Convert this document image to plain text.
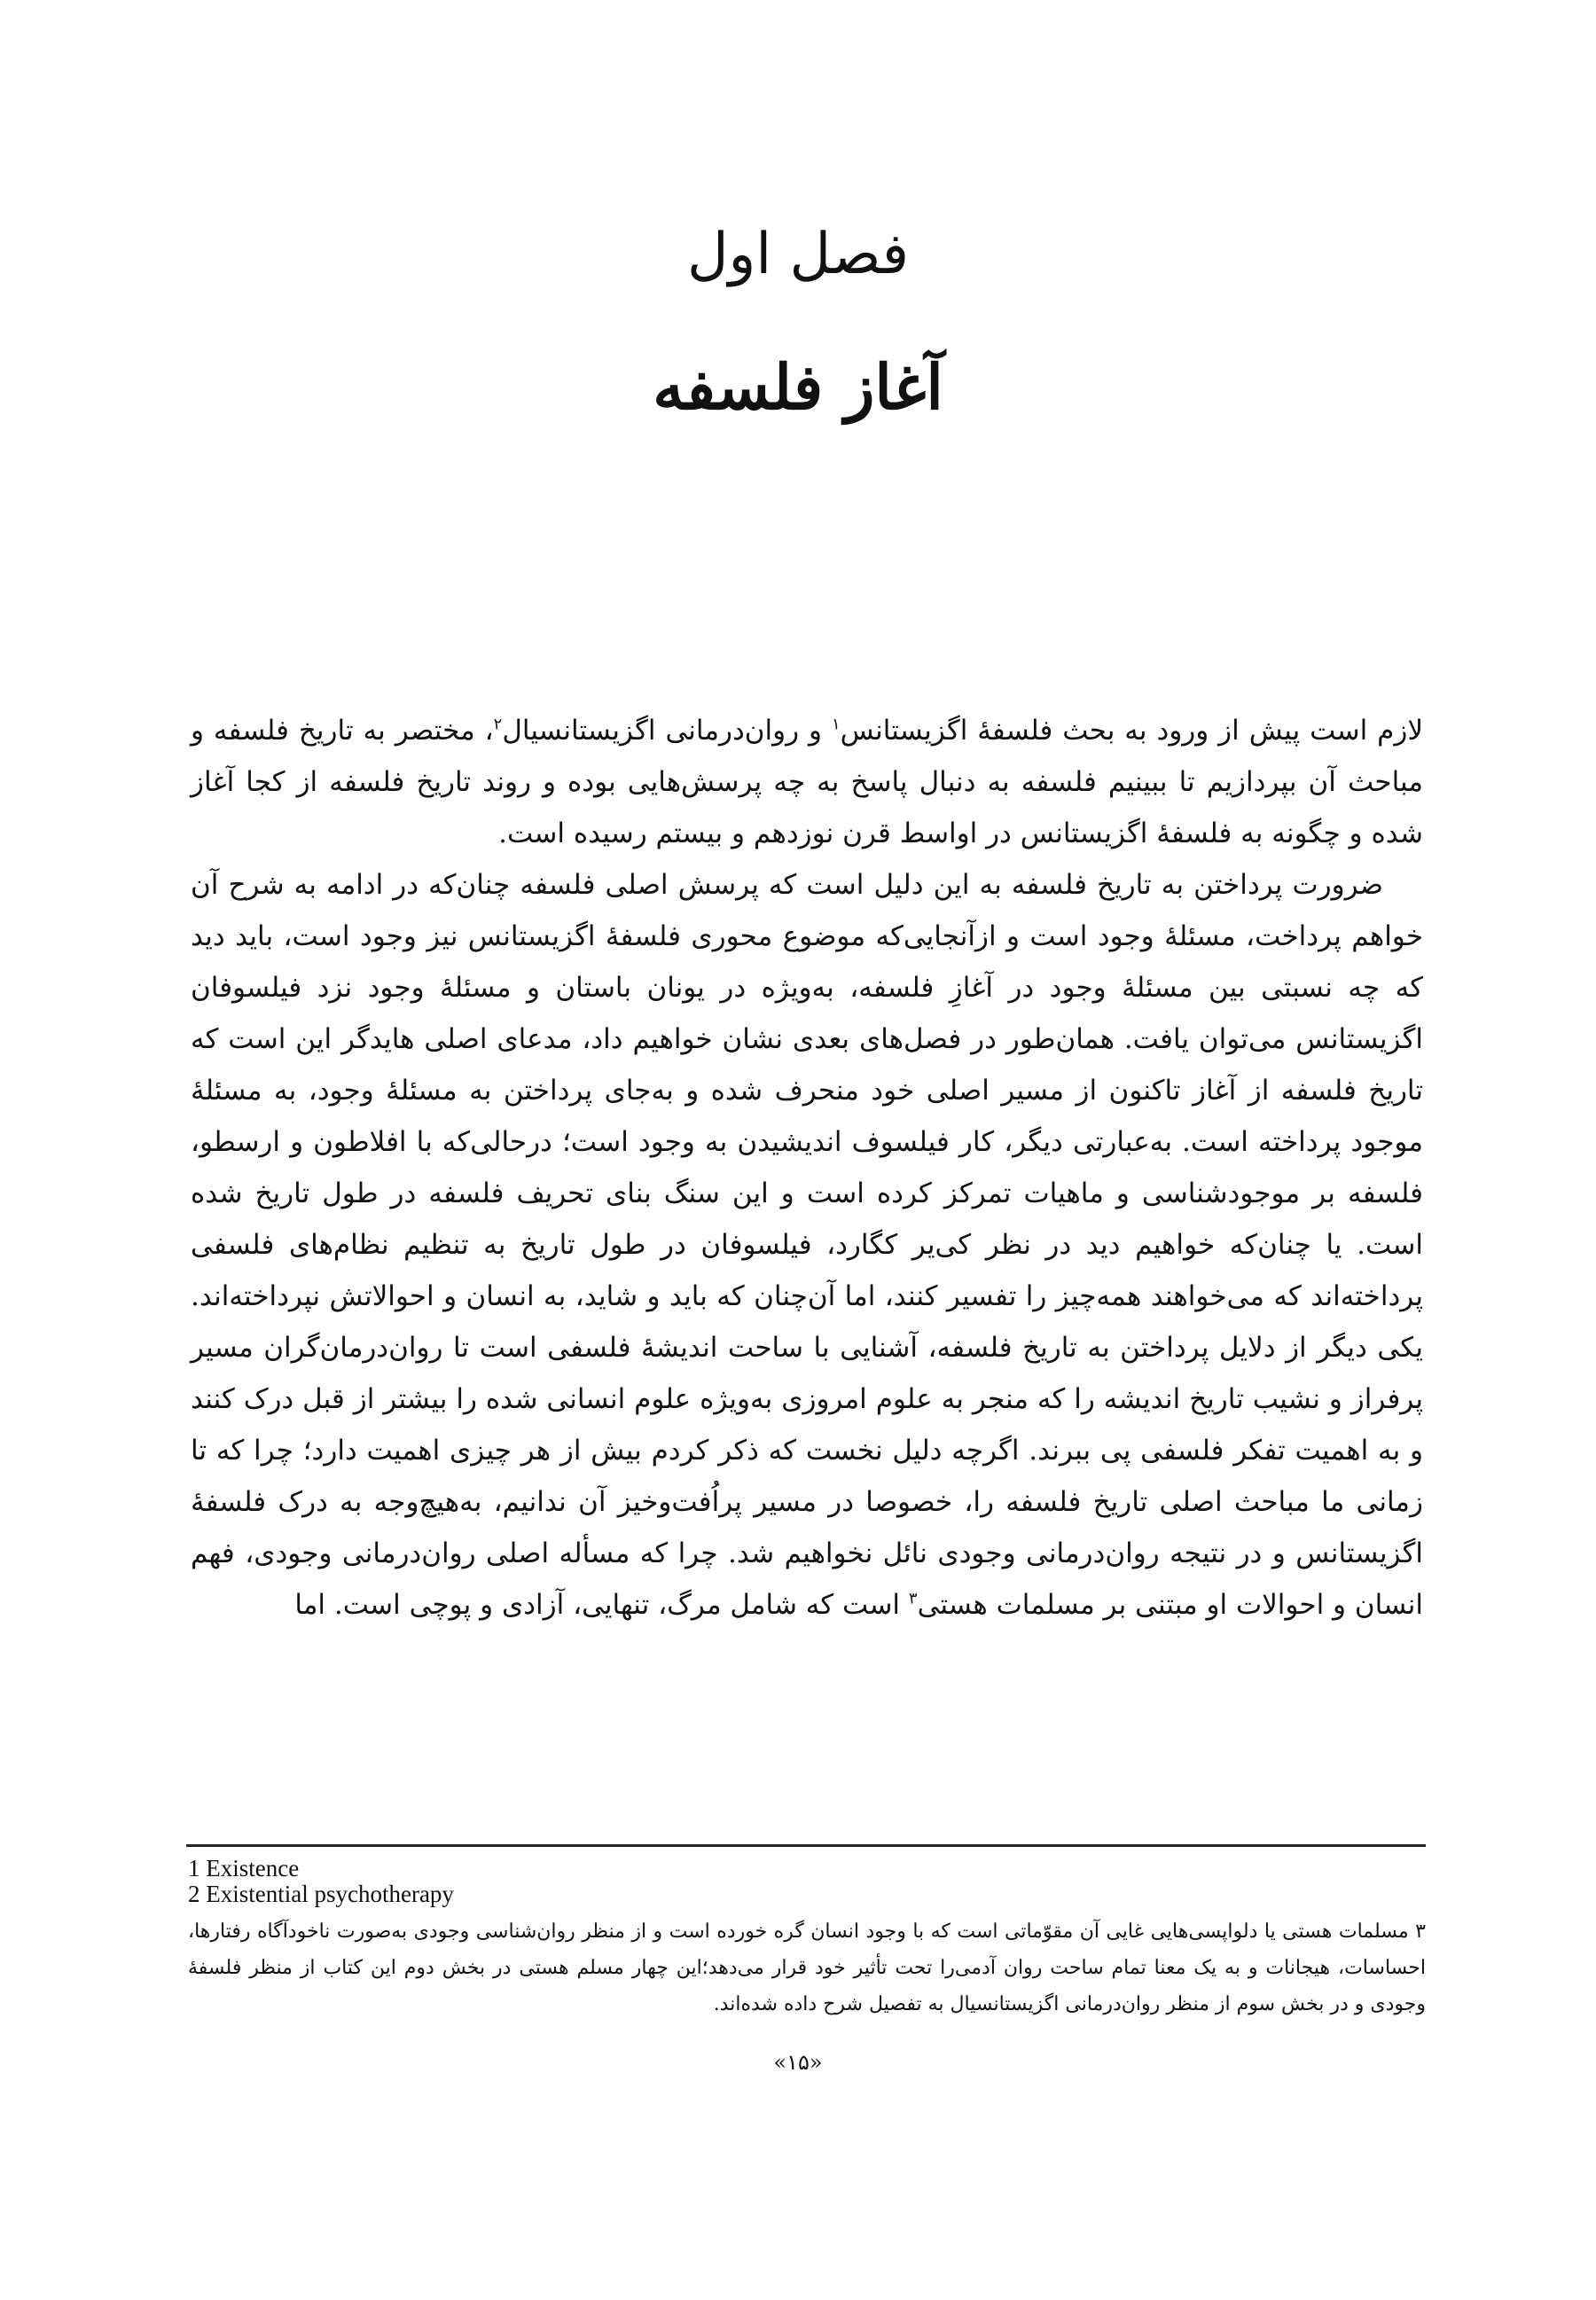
فصل اول
آغاز فلسفه

لازم است پیش از ورود به بحث فلسفهٔ اگزیستانس$^۱$ و روان‌درمانی اگزیستانسیال$^۲$، مختصر به تاریخ فلسفه و مباحث آن بپردازیم تا ببینیم فلسفه به دنبال پاسخ به چه پرسش‌هایی بوده و روند تاریخ فلسفه از کجا آغاز شده و چگونه به فلسفهٔ اگزیستانس در اواسط قرن نوزدهم و بیستم رسیده است.

ضرورت پرداختن به تاریخ فلسفه به این دلیل است که پرسش اصلی فلسفه چنان‌که در ادامه به شرح آن خواهم پرداخت، مسئلهٔ وجود است و ازآنجایی‌که موضوع محوری فلسفهٔ اگزیستانس نیز وجود است، باید دید که چه نسبتی بین مسئلهٔ وجود در آغازِ فلسفه، به‌ویژه در یونان باستان و مسئلهٔ وجود نزد فیلسوفان اگزیستانس می‌توان یافت. همان‌طور در فصل‌های بعدی نشان خواهیم داد، مدعای اصلی هایدگر این است که تاریخ فلسفه از آغاز تاکنون از مسیر اصلی خود منحرف شده و به‌جای پرداختن به مسئلهٔ وجود، به مسئلهٔ موجود پرداخته است. به‌عبارتی دیگر، کار فیلسوف اندیشیدن به وجود است؛ درحالی‌که با افلاطون و ارسطو، فلسفه بر موجودشناسی و ماهیات تمرکز کرده است و این سنگ بنای تحریف فلسفه در طول تاریخ شده است. یا چنان‌که خواهیم دید در نظر کی‌یر کگارد، فیلسوفان در طول تاریخ به تنظیم نظام‌های فلسفی پرداخته‌اند که می‌خواهند همه‌چیز را تفسیر کنند، اما آن‌چنان که باید و شاید، به انسان و احوالاتش نپرداخته‌اند. یکی دیگر از دلایل پرداختن به تاریخ فلسفه، آشنایی با ساحت اندیشهٔ فلسفی است تا روان‌درمان‌گران مسیر پرفراز و نشیب تاریخ اندیشه را که منجر به علوم امروزی به‌ویژه علوم انسانی شده را بیشتر از قبل درک کنند و به اهمیت تفکر فلسفی پی ببرند. اگرچه دلیل نخست که ذکر کردم بیش از هر چیزی اهمیت دارد؛ چرا که تا زمانی ما مباحث اصلی تاریخ فلسفه را، خصوصا در مسیر پراُفت‌وخیز آن ندانیم، به‌هیچ‌وجه به درک فلسفهٔ اگزیستانس و در نتیجه روان‌درمانی وجودی نائل نخواهیم شد. چرا که مسأله اصلی روان‌درمانی وجودی، فهم انسان و احوالات او مبتنی بر مسلمات هستی$^۳$ است که شامل مرگ، تنهایی، آزادی و پوچی است. اما

1 Existence
2 Existential psychotherapy
۳ مسلمات هستی یا دلواپسی‌هایی غایی آن مقوّماتی است که با وجود انسان گره خورده است و از منظر روان‌شناسی وجودی به‌صورت ناخودآگاه رفتارها، احساسات، هیجانات و به یک معنا تمام ساحت روان آدمی‌را تحت تأثیر خود قرار می‌دهد؛این چهار مسلم هستی در بخش دوم این کتاب از منظر فلسفهٔ وجودی و در بخش سوم از منظر روان‌درمانی اگزیستانسیال به تفصیل شرح داده شده‌اند.
«۱۵»
